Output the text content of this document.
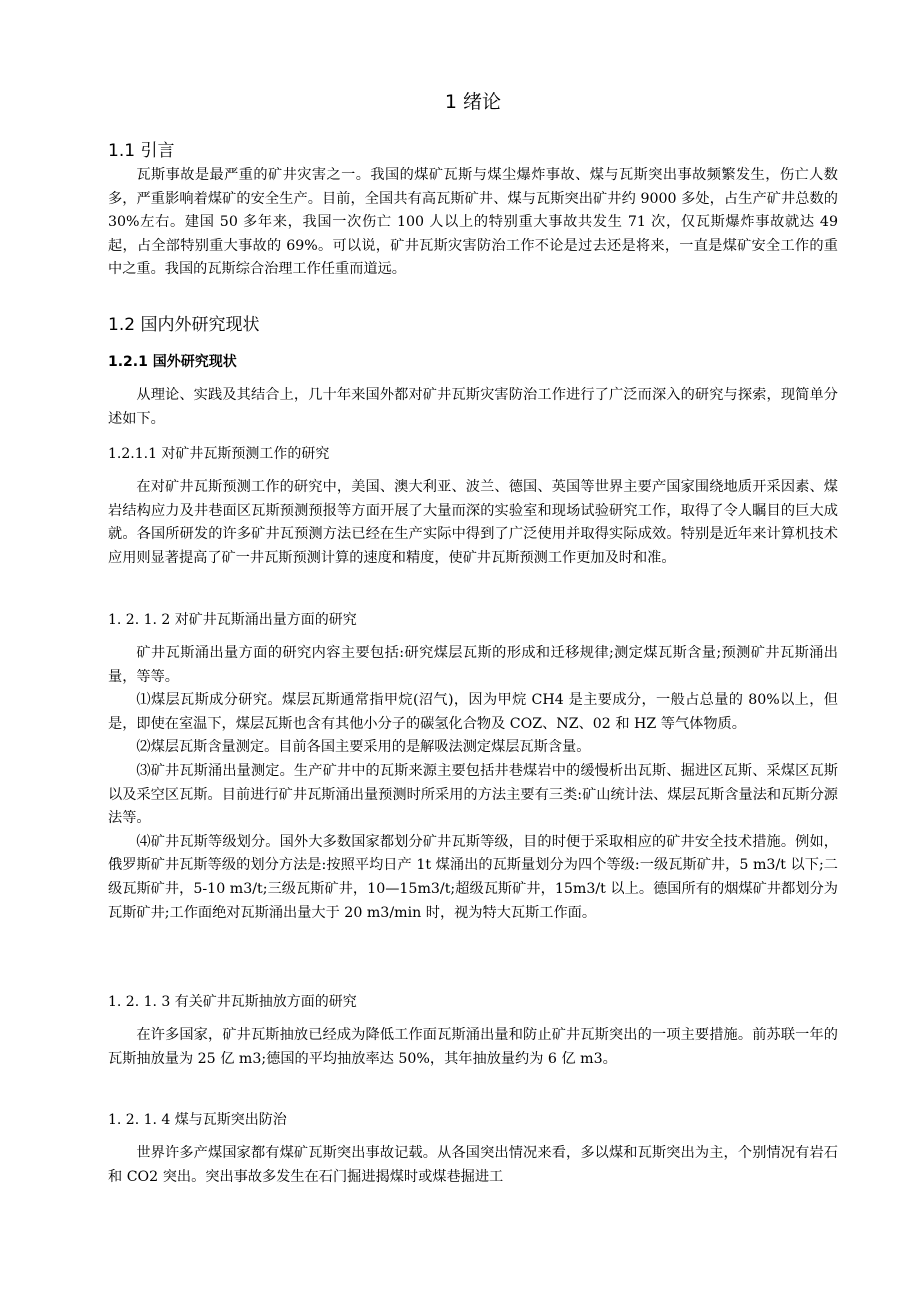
1 绪论
1.1 引言

瓦斯事故是最严重的矿井灾害之一。我国的煤矿瓦斯与煤尘爆炸事故、煤与瓦斯突出事故频繁发生，伤亡人数多，严重影响着煤矿的安全生产。目前，全国共有高瓦斯矿井、煤与瓦斯突出矿井约 9000 多处，占生产矿井总数的 30%左右。建国 50 多年来，我国一次伤亡 100 人以上的特别重大事故共发生 71 次，仅瓦斯爆炸事故就达 49 起，占全部特别重大事故的 69%。可以说，矿井瓦斯灾害防治工作不论是过去还是将来，一直是煤矿安全工作的重中之重。我国的瓦斯综合治理工作任重而道远。

1.2 国内外研究现状
1.2.1 国外研究现状

从理论、实践及其结合上，几十年来国外都对矿井瓦斯灾害防治工作进行了广泛而深入的研究与探索，现简单分述如下。

1.2.1.1 对矿井瓦斯预测工作的研究

在对矿井瓦斯预测工作的研究中，美国、澳大利亚、波兰、德国、英国等世界主要产国家围绕地质开采因素、煤岩结构应力及井巷面区瓦斯预测预报等方面开展了大量而深的实验室和现场试验研究工作，取得了令人瞩目的巨大成就。各国所研发的许多矿井瓦预测方法已经在生产实际中得到了广泛使用并取得实际成效。特别是近年来计算机技术应用则显著提高了矿一井瓦斯预测计算的速度和精度，使矿井瓦斯预测工作更加及时和准。

1. 2. 1. 2 对矿井瓦斯涌出量方面的研究

矿井瓦斯涌出量方面的研究内容主要包括:研究煤层瓦斯的形成和迁移规律;测定煤瓦斯含量;预测矿井瓦斯涌出量，等等。

⑴煤层瓦斯成分研究。煤层瓦斯通常指甲烷(沼气)，因为甲烷 CH4 是主要成分，一般占总量的 80%以上，但是，即使在室温下，煤层瓦斯也含有其他小分子的碳氢化合物及 COZ、NZ、02 和 HZ 等气体物质。

⑵煤层瓦斯含量测定。目前各国主要采用的是解吸法测定煤层瓦斯含量。

⑶矿井瓦斯涌出量测定。生产矿井中的瓦斯来源主要包括井巷煤岩中的缓慢析出瓦斯、掘进区瓦斯、采煤区瓦斯以及采空区瓦斯。目前进行矿井瓦斯涌出量预测时所采用的方法主要有三类:矿山统计法、煤层瓦斯含量法和瓦斯分源法等。

⑷矿井瓦斯等级划分。国外大多数国家都划分矿井瓦斯等级，目的时便于采取相应的矿井安全技术措施。例如，俄罗斯矿井瓦斯等级的划分方法是:按照平均日产 1t 煤涌出的瓦斯量划分为四个等级:一级瓦斯矿井，5 m3/t 以下;二级瓦斯矿井，5-10 m3/t;三级瓦斯矿井，10—15m3/t;超级瓦斯矿井，15m3/t 以上。德国所有的烟煤矿井都划分为瓦斯矿井;工作面绝对瓦斯涌出量大于 20 m3/min 时，视为特大瓦斯工作面。

1. 2. 1. 3 有关矿井瓦斯抽放方面的研究

在许多国家，矿井瓦斯抽放已经成为降低工作面瓦斯涌出量和防止矿井瓦斯突出的一项主要措施。前苏联一年的瓦斯抽放量为 25 亿 m3;德国的平均抽放率达 50%，其年抽放量约为 6 亿 m3。

1. 2. 1. 4 煤与瓦斯突出防治

世界许多产煤国家都有煤矿瓦斯突出事故记载。从各国突出情况来看，多以煤和瓦斯突出为主，个别情况有岩石和 CO2 突出。突出事故多发生在石门掘进揭煤时或煤巷掘进工
